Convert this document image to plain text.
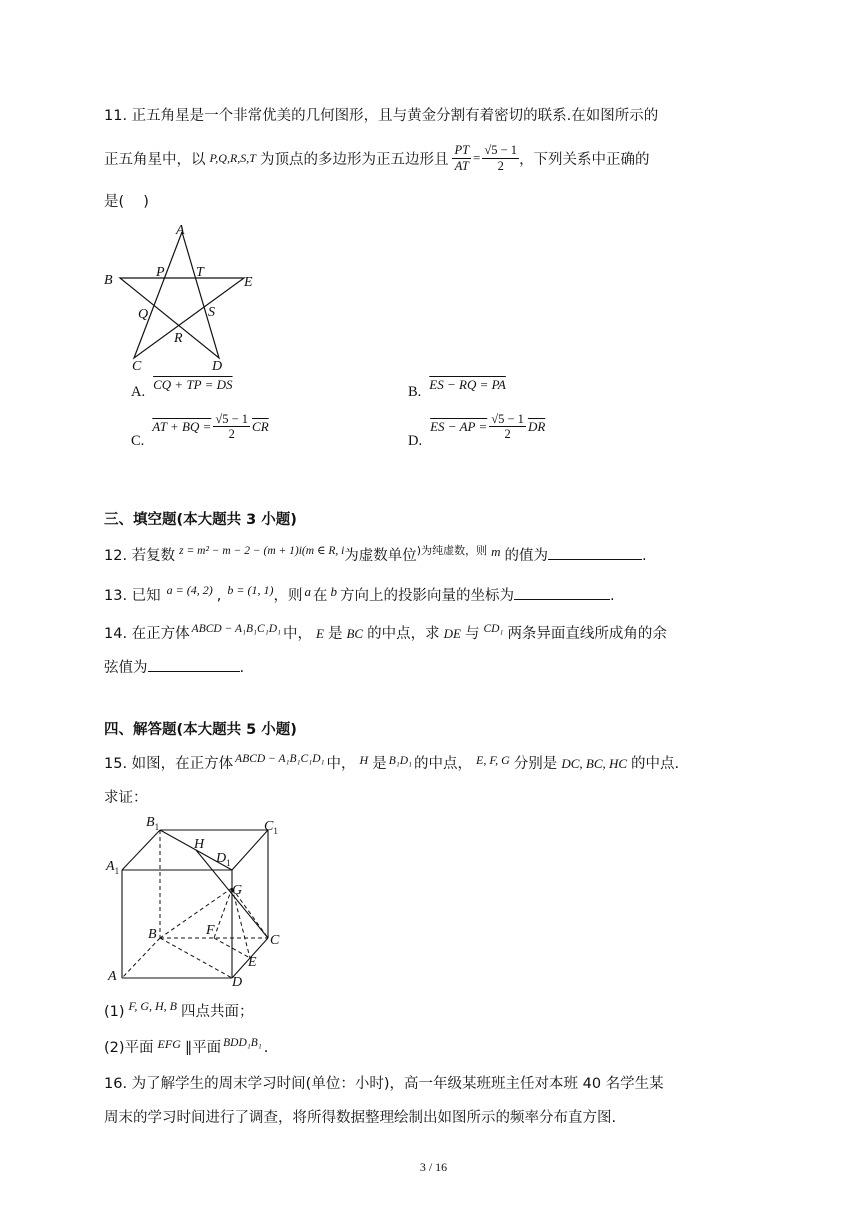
11. 正五角星是一个非常优美的几何图形，且与黄金分割有着密切的联系.在如图所示的
正五角星中，以 P,Q,R,S,T 为顶点的多边形为正五边形且 $\frac{PT}{AT} = \frac{√5 - 1}{2}$ ，下列关系中正确的
是(　 )
A
B	E
C	D
P T
Q	S
R
A. CQ + TP = DS	B. ES − RQ = PA
C.
AT + BQ = $\frac{√5 - 1}{2} \overline{CR}$
D.
ES − AP = $\frac{√5 - 1}{2} \overline{DR}$
三、填空题(本大题共 3 小题)
12. 若复数 z = m² − m − 2 − (m + 1)i(m ∈ R, i 为虚数单位 )为纯虚数，则 m 的值为	.
13. 已知 a = (4, 2) , b = (1, 1) ，则 a 在 b 方向上的投影向量的坐标为	.
14. 在正方体 ABCD − A₁B₁C₁D₁ 中， E 是 BC 的中点，求 DE 与 CD₁ 两条异面直线所成角的余
弦值为	.
四、解答题(本大题共 5 小题)
15. 如图，在正方体 ABCD − A₁B₁C₁D₁ 中， H 是 B₁D₁ 的中点， E, F, G 分别是 DC, BC, HC 的中点.
求证：
$B_1$	$C_1$
$A_1$
$D_1$
H
G
B	F
C
E
A	D
(1) F, G, H, B 四点共面；
(2)平面 EFG ∥平面 BDD₁B₁ .
16. 为了解学生的周末学习时间(单位：小时)，高一年级某班班主任对本班 40 名学生某
周末的学习时间进行了调查，将所得数据整理绘制出如图所示的频率分布直方图.
3 / 16
